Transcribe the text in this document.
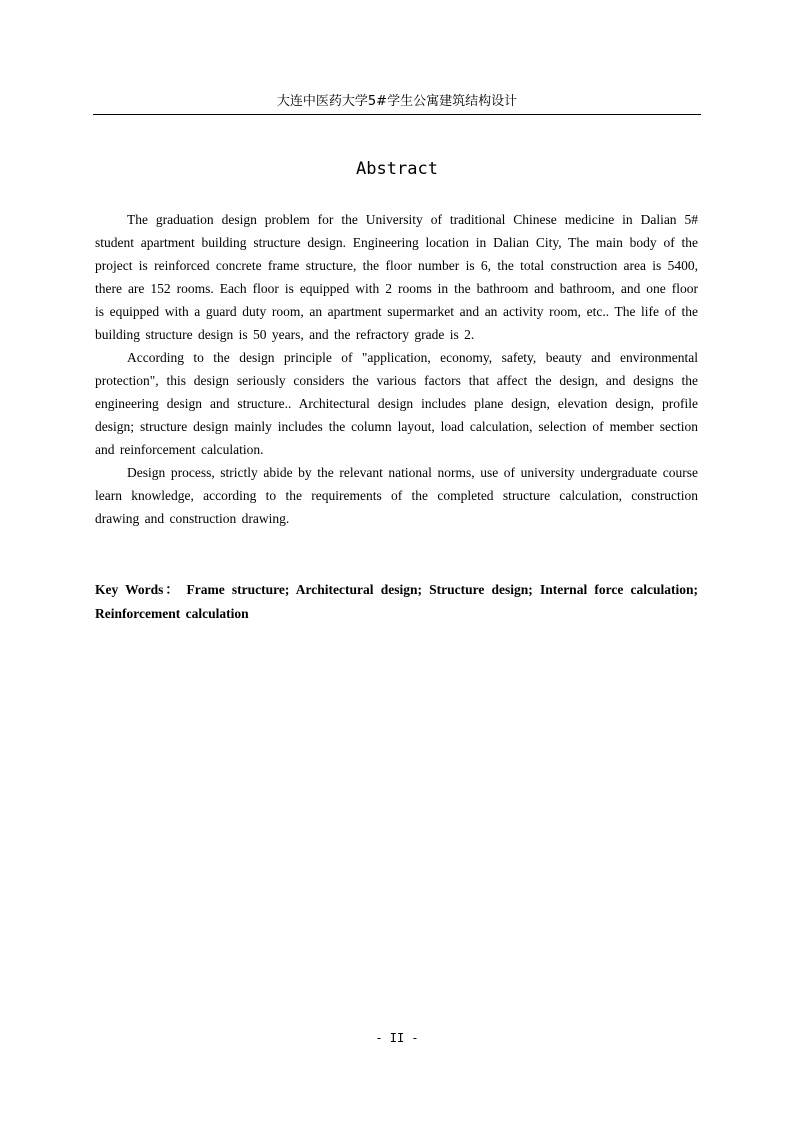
大连中医药大学5#学生公寓建筑结构设计
Abstract

The graduation design problem for the University of traditional Chinese medicine in Dalian 5# student apartment building structure design. Engineering location in Dalian City, The main body of the project is reinforced concrete frame structure, the floor number is 6, the total construction area is 5400, there are 152 rooms. Each floor is equipped with 2 rooms in the bathroom and bathroom, and one floor is equipped with a guard duty room, an apartment supermarket and an activity room, etc.. The life of the building structure design is 50 years, and the refractory grade is 2.

According to the design principle of "application, economy, safety, beauty and environmental protection", this design seriously considers the various factors that affect the design, and designs the engineering design and structure.. Architectural design includes plane design, elevation design, profile design; structure design mainly includes the column layout, load calculation, selection of member section and reinforcement calculation.

Design process, strictly abide by the relevant national norms, use of university undergraduate course learn knowledge, according to the requirements of the completed structure calculation, construction drawing and construction drawing.

Key Words： Frame structure; Architectural design; Structure design; Internal force calculation; Reinforcement calculation
- II -
